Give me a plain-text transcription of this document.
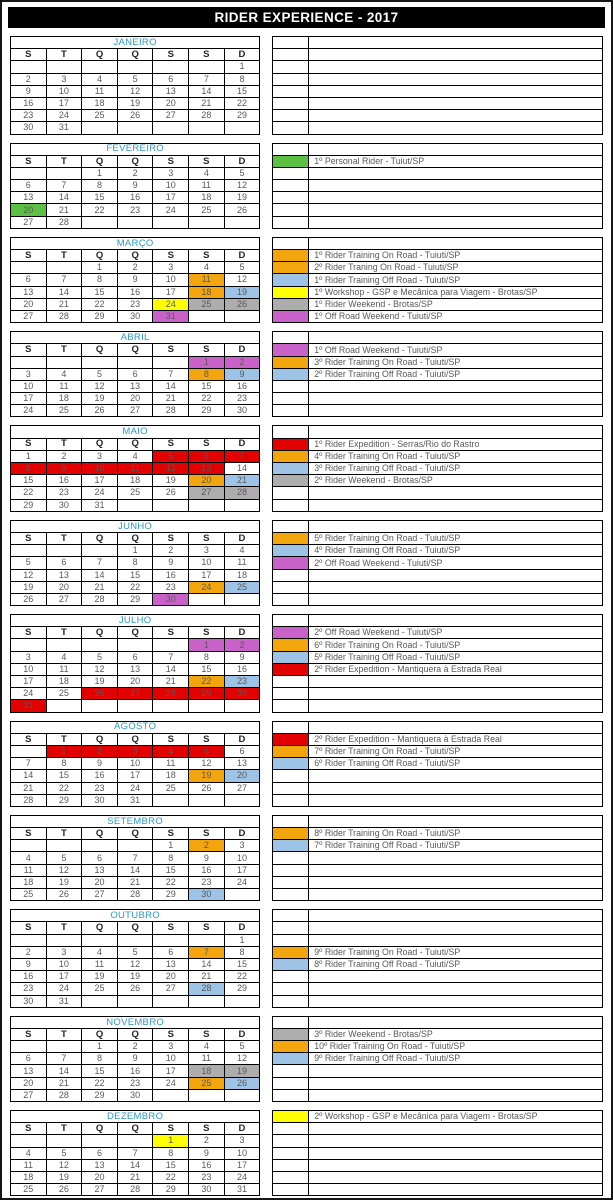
RIDER EXPERIENCE - 2017
JANEIRO						
S	T	Q	Q	S	S	D
						1
2	3	4	5	6	7	8
9	10	11	12	13	14	15
16	17	18	19	20	21	22
23	24	25	26	27	28	29
30	31					

FEVEREIRO						
S	T	Q	Q	S	S	D
		1	2	3	4	5
6	7	8	9	10	11	12
13	14	15	16	17	18	19
20	21	22	23	24	25	26
27	28					

	1º Personal Rider - Tuiut/SP

MARÇO						
S	T	Q	Q	S	S	D
		1	2	3	4	5
6	7	8	9	10	11	12
13	14	15	16	17	18	19
20	21	22	23	24	25	26
27	28	29	30	31		

	1º Rider Training On Road - Tuiuti/SP
	2º Rider Traning On Road - Tuiuti/SP
	1º Rider Training Off Road - Tuiuti/SP
	1º Workshop - GSP e Mecânica para Viagem - Brotas/SP
	1º Rider Weekend - Brotas/SP
	1º Off Road Weekend - Tuiuti/SP
ABRIL						
S	T	Q	Q	S	S	D
					1	2
3	4	5	6	7	8	9
10	11	12	13	14	15	16
17	18	19	20	21	22	23
24	25	26	27	28	29	30

	1º Off Road Weekend - Tuiuti/SP
	3º Rider Training On Road - Tuiuti/SP
	2º Rider Training Off Road - Tuiuti/SP

MAIO						
S	T	Q	Q	S	S	D
1	2	3	4	5	6	7
8	9	10	11	12	13	14
15	16	17	18	19	20	21
22	23	24	25	26	27	28
29	30	31				

	1º Rider Expedition - Serras/Rio do Rastro
	4º Rider Training On Road - Tuiuti/SP
	3º Rider Training Off Road - Tuiuti/SP
	2º Rider Weekend - Brotas/SP

JUNHO						
S	T	Q	Q	S	S	D
			1	2	3	4
5	6	7	8	9	10	11
12	13	14	15	16	17	18
19	20	21	22	23	24	25
26	27	28	29	30		

	5º Rider Training On Road - Tuiuti/SP
	4º Rider Training Off Road - Tuiuti/SP
	2º Off Road Weekend - Tuiuti/SP

JULHO						
S	T	Q	Q	S	S	D
					1	2
3	4	5	6	7	8	9
10	11	12	13	14	15	16
17	18	19	20	21	22	23
24	25	26	27	28	29	30
31						

	2º Off Road Weekend - Tuiuti/SP
	6º Rider Training On Road - Tuiuti/SP
	5º Rider Training Off Road - Tuiuti/SP
	2º Rider Expedition - Mantiquera à Estrada Real

AGOSTO						
S	T	Q	Q	S	S	D
	1	2	3	4	5	6
7	8	9	10	11	12	13
14	15	16	17	18	19	20
21	22	23	24	25	26	27
28	29	30	31			

	2º Rider Expedition - Mantiquera à Estrada Real
	7º Rider Training On Road - Tuiuti/SP
	6º Rider Training Off Road - Tuiuti/SP

SETEMBRO						
S	T	Q	Q	S	S	D
				1	2	3
4	5	6	7	8	9	10
11	12	13	14	15	16	17
18	19	20	21	22	23	24
25	26	27	28	29	30	

	8º Rider Training On Road - Tuiuti/SP
	7º Rider Training Off Road - Tuiuti/SP

OUTUBRO						
S	T	Q	Q	S	S	D
						1
2	3	4	5	6	7	8
9	10	11	12	13	14	15
16	17	19	19	20	21	22
23	24	25	26	27	28	29
30	31					

	9º Rider Training On Road - Tuiuti/SP
	8º Rider Training Off Road - Tuiuti/SP

NOVEMBRO						
S	T	Q	Q	S	S	D
		1	2	3	4	5
6	7	8	9	10	11	12
13	14	15	16	17	18	19
20	21	22	23	24	25	26
27	28	29	30			

	3º Rider Weekend - Brotas/SP
	10º Rider Training On Road - Tuiuti/SP
	9º Rider Training Off Road - Tuiuti/SP

DEZEMBRO						
S	T	Q	Q	S	S	D
				1	2	3
4	5	6	7	8	9	10
11	12	13	14	15	16	17
18	19	20	21	22	23	24
25	26	27	28	29	30	31
	2º Workshop - GSP e Mecânica para Viagem - Brotas/SP
